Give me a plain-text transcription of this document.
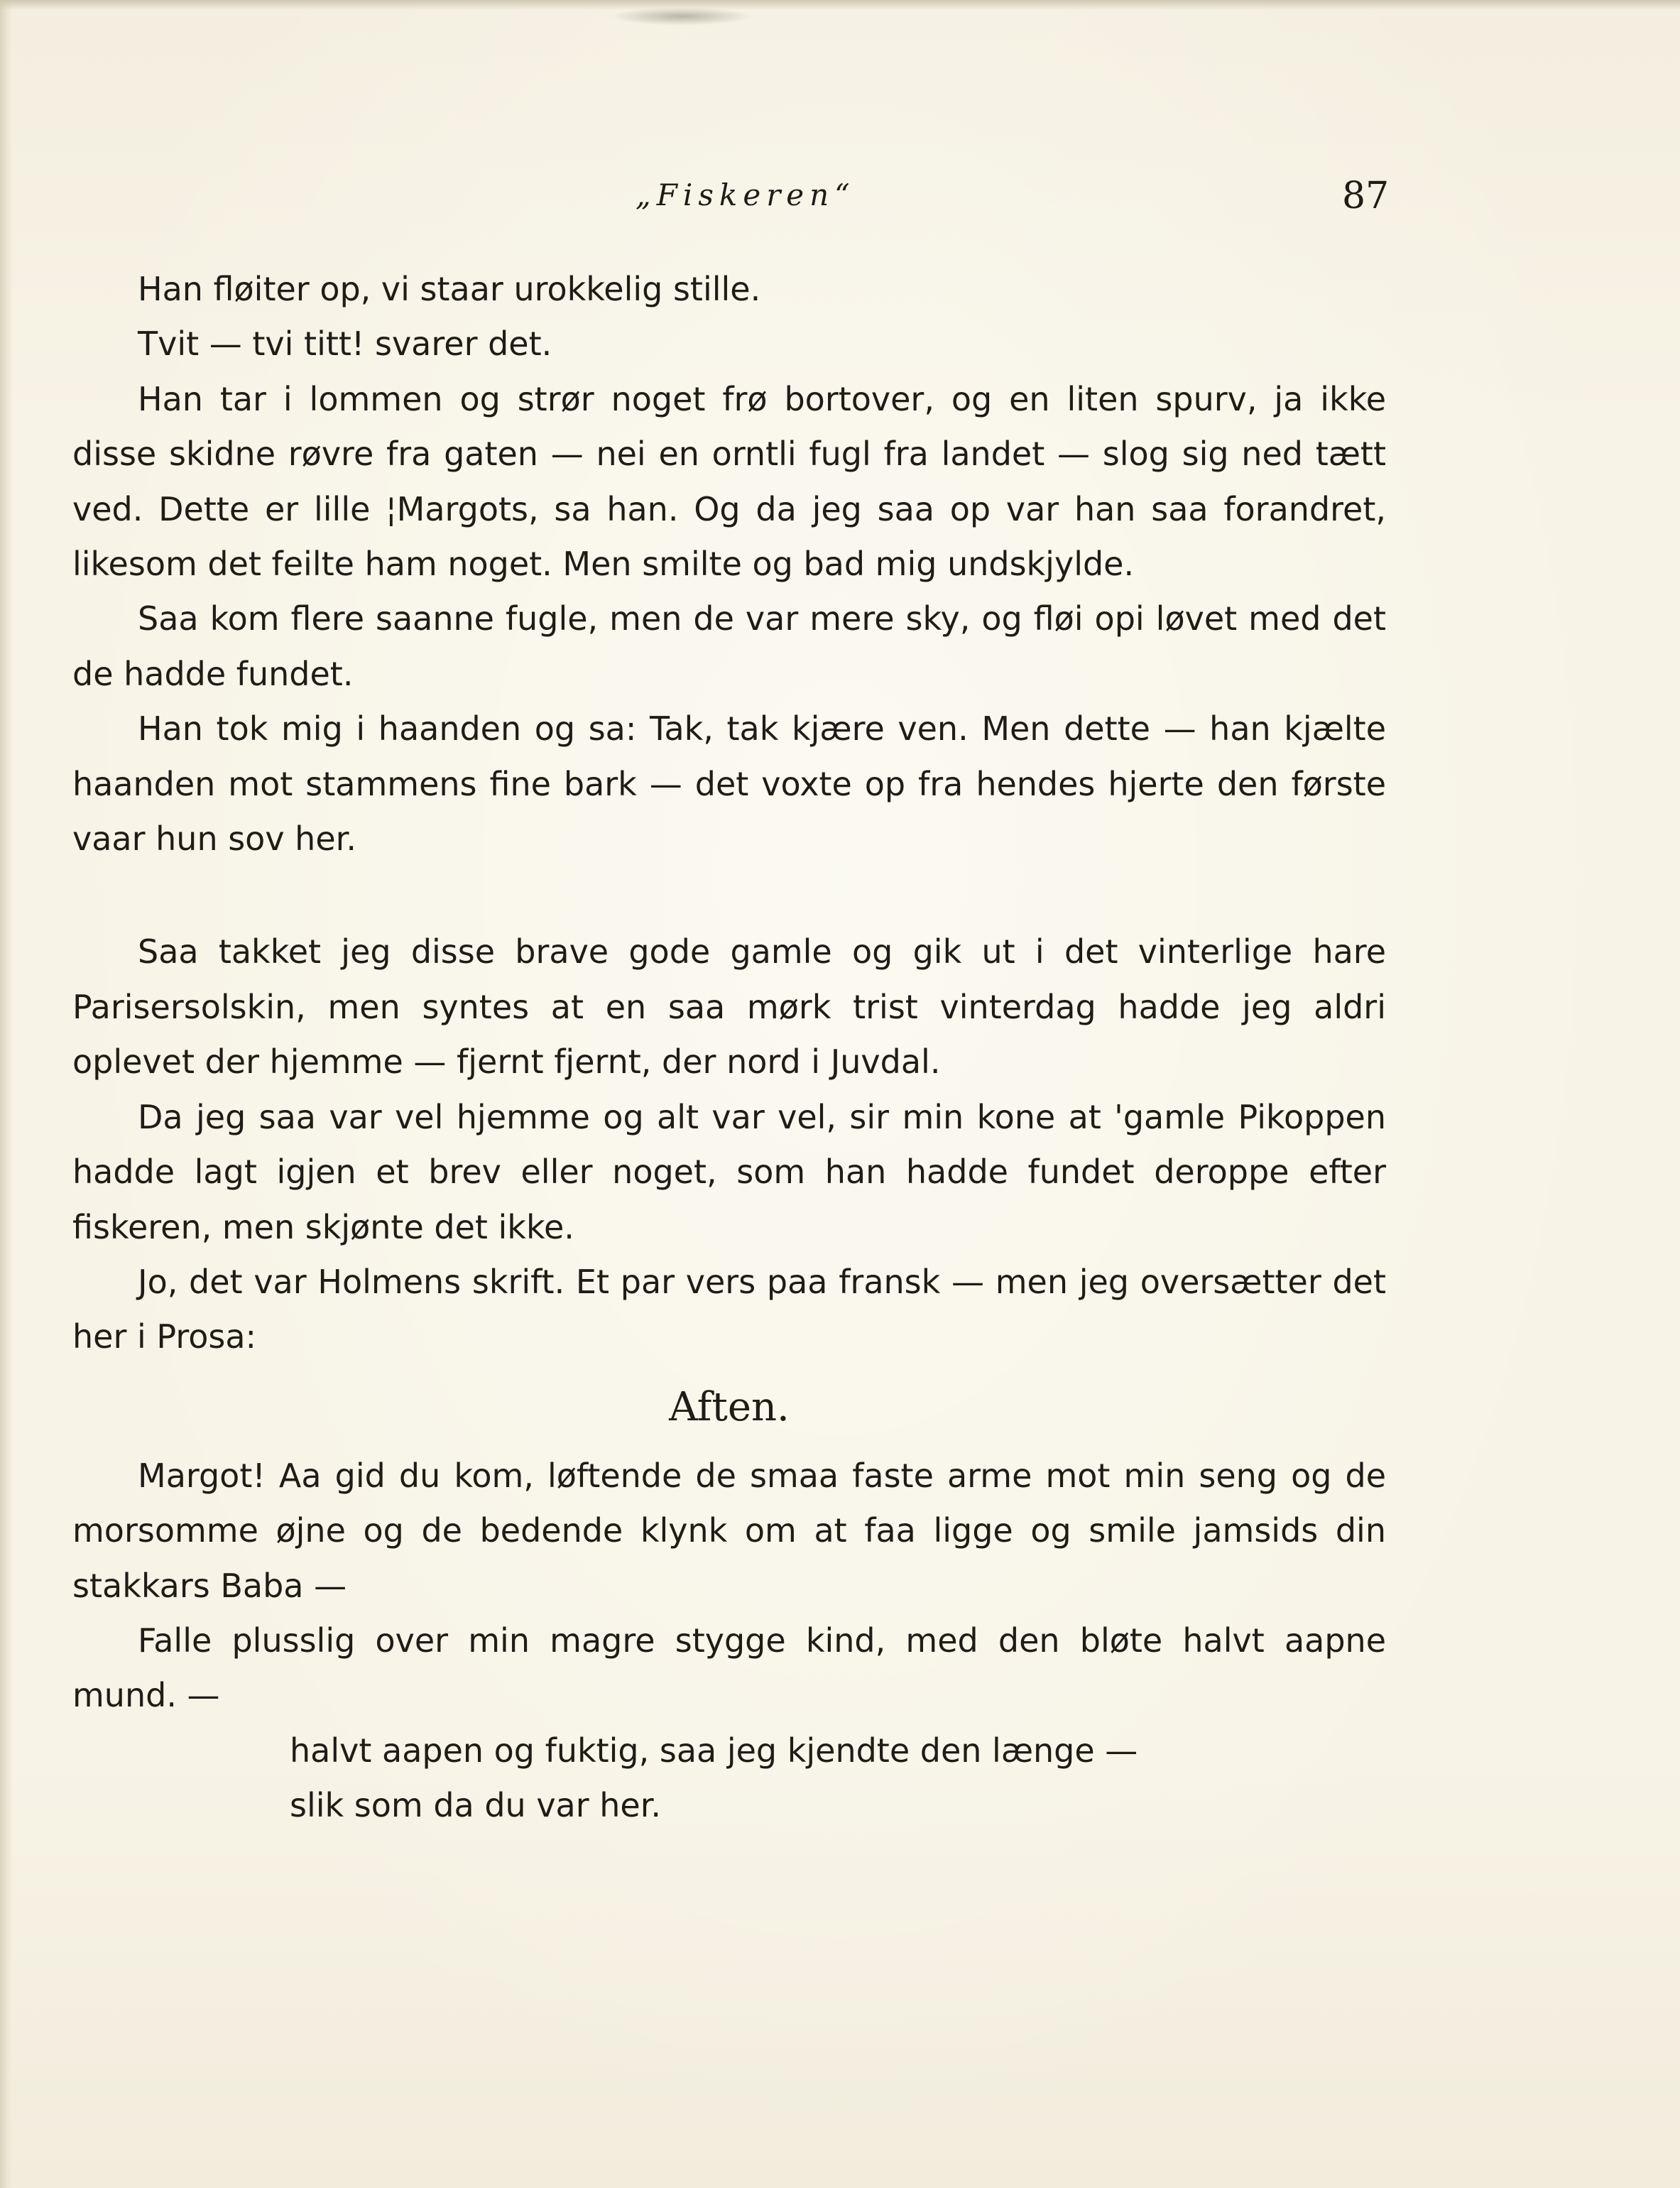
„Fiskeren“	87

Han fløiter op, vi staar urokkelig stille.

Tvit — tvi titt! svarer det.

Han tar i lommen og strør noget frø bortover, og en liten spurv, ja ikke disse skidne røvre fra gaten — nei en orntli fugl fra landet — slog sig ned tætt ved. Dette er lille ¦Margots, sa han. Og da jeg saa op var han saa forandret, likesom det feilte ham noget. Men smilte og bad mig undskjylde.

Saa kom flere saanne fugle, men de var mere sky, og fløi opi løvet med det de hadde fundet.

Han tok mig i haanden og sa: Tak, tak kjære ven. Men dette — han kjælte haanden mot stammens fine bark — det voxte op fra hendes hjerte den første vaar hun sov her.

Saa takket jeg disse brave gode gamle og gik ut i det vinterlige hare Parisersolskin, men syntes at en saa mørk trist vinterdag hadde jeg aldri oplevet der hjemme — fjernt fjernt, der nord i Juvdal.

Da jeg saa var vel hjemme og alt var vel, sir min kone at 'gamle Pikoppen hadde lagt igjen et brev eller noget, som han hadde fundet deroppe efter fiskeren, men skjønte det ikke.

Jo, det var Holmens skrift. Et par vers paa fransk — men jeg oversætter det her i Prosa:

Aften.

Margot! Aa gid du kom, løftende de smaa faste arme mot min seng og de morsomme øjne og de bedende klynk om at faa ligge og smile jamsids din stakkars Baba —

Falle plusslig over min magre stygge kind, med den bløte halvt aapne mund. —

halvt aapen og fuktig, saa jeg kjendte den længe —

slik som da du var her.
